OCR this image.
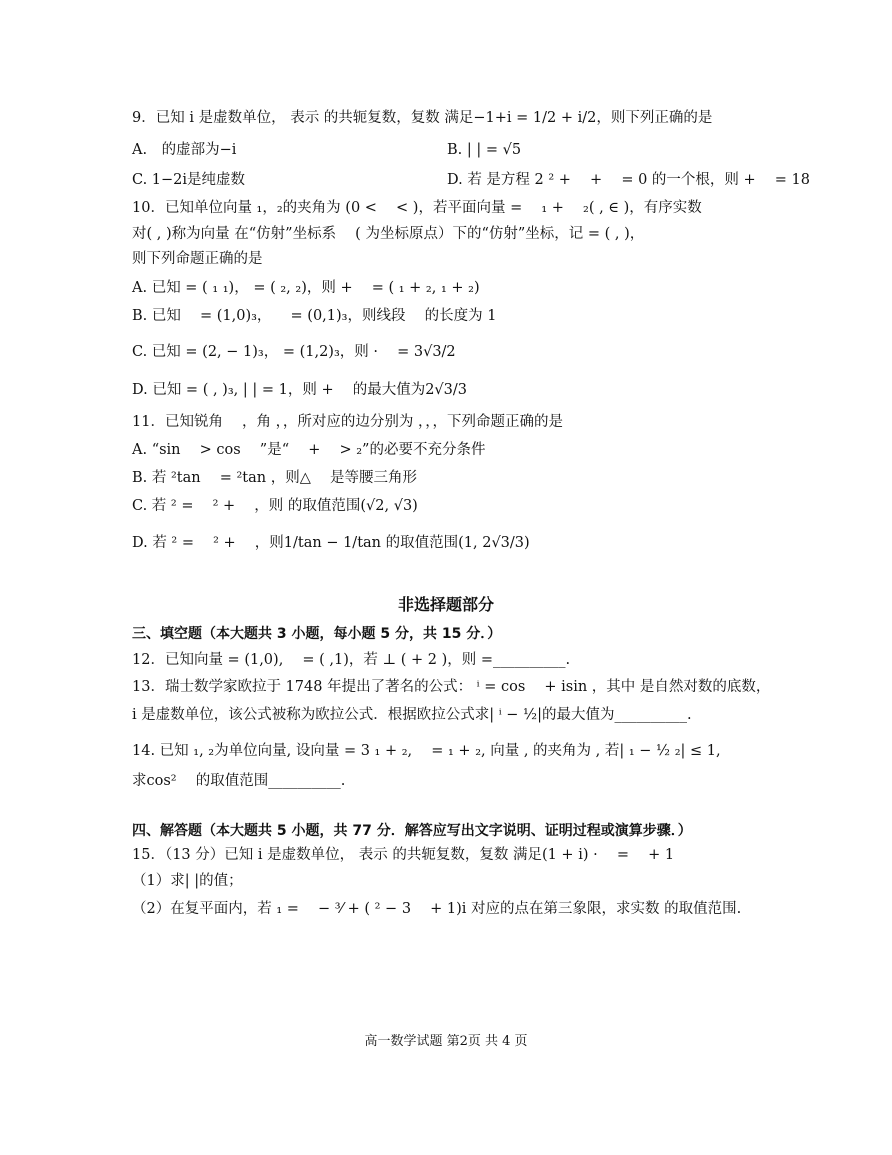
9．已知 i 是虚数单位， 表示 的共轭复数，复数 满足−1+i = 1/2 + i/2，则下列正确的是
A.　的虚部为−i	B. | | = √5
C. 1−2i是纯虚数	D. 若 是方程 2 ² + 　+ 　= 0 的一个根，则 + 　= 18
10．已知单位向量 ₁，₂的夹角为 (0 < 　< )，若平面向量 = 　₁ + 　₂( , ∈ )，有序实数
对( , )称为向量 在“仿射”坐标系 　( 为坐标原点）下的“仿射”坐标，记 = ( , )，
则下列命题正确的是
A. 已知 = ( ₁ ₁)， = ( ₂, ₂)，则 + 　= ( ₁ + ₂, ₁ + ₂)
B. 已知 　= (1,0)₃， 　= (0,1)₃，则线段 　的长度为 1
C. 已知 = (2, − 1)₃， = (1,2)₃，则 · 　= 3√3/2
D. 已知 = ( , )₃, | | = 1，则 + 　的最大值为2√3/3
11．已知锐角 　，角 ，，所对应的边分别为 ，，，下列命题正确的是
A. “sin 　> cos 　”是“ 　+ 　> ₂”的必要不充分条件
B. 若 ²tan 　= ²tan ，则△ 　是等腰三角形
C. 若 ² = 　² + 　，则 的取值范围(√2, √3)
D. 若 ² = 　² + 　，则1/tan − 1/tan 的取值范围(1, 2√3/3)
非选择题部分
三、填空题（本大题共 3 小题，每小题 5 分，共 15 分．）
12．已知向量 = (1,0), 　= ( ,1)，若 ⊥ ( + 2 )，则 =__________.
13．瑞士数学家欧拉于 1748 年提出了著名的公式： ⁱ = cos 　+ isin ，其中 是自然对数的底数，
i 是虚数单位，该公式被称为欧拉公式．根据欧拉公式求| ⁱ − ½|的最大值为__________.
14. 已知 ₁, ₂为单位向量, 设向量 = 3 ₁ + ₂, 　= ₁ + ₂, 向量 , 的夹角为 , 若| ₁ − ½ ₂| ≤ 1,
求cos² 　的取值范围__________.
四、解答题（本大题共 5 小题，共 77 分．解答应写出文字说明、证明过程或演算步骤．）
15．（13 分）已知 i 是虚数单位， 表示 的共轭复数，复数 满足(1 + i) · 　= 　+ 1
（1）求| |的值；
（2）在复平面内，若 ₁ = 　− ³⁄ + ( ² − 3 　+ 1)i 对应的点在第三象限，求实数 的取值范围.
高一数学试题 第2页 共 4 页
